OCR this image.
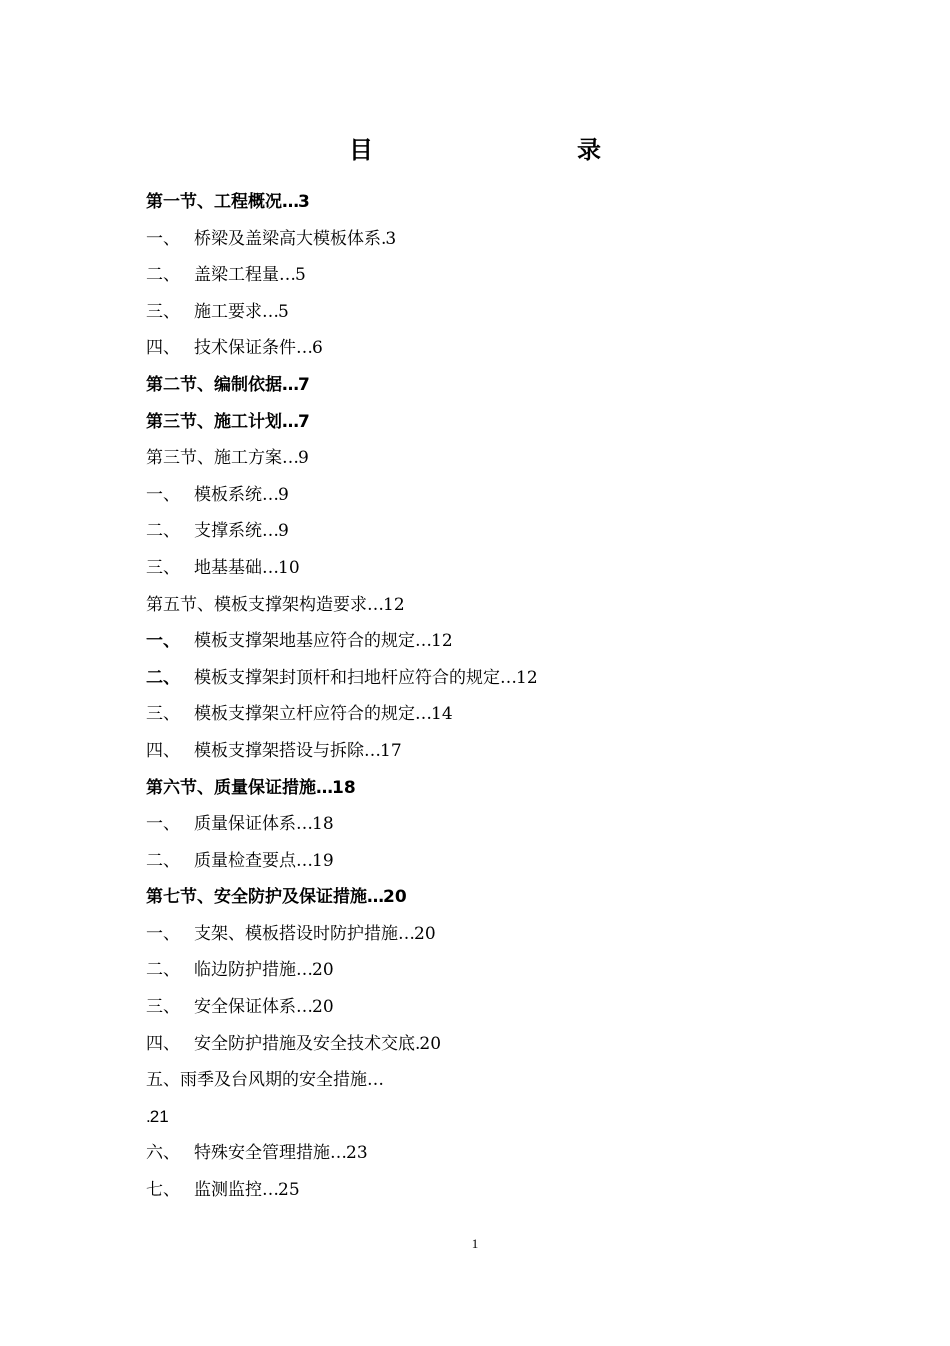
目　　录
第一节、工程概况…3
一、 桥梁及盖梁高大模板体系.3
二、 盖梁工程量…5
三、 施工要求…5
四、 技术保证条件…6
第二节、编制依据…7
第三节、施工计划…7
第三节、施工方案…9
一、 模板系统…9
二、 支撑系统…9
三、 地基基础…10
第五节、模板支撑架构造要求…12
一、 模板支撑架地基应符合的规定…12
二、 模板支撑架封顶杆和扫地杆应符合的规定…12
三、 模板支撑架立杆应符合的规定…14
四、 模板支撑架搭设与拆除…17
第六节、质量保证措施…18
一、 质量保证体系…18
二、 质量检查要点…19
第七节、安全防护及保证措施…20
一、 支架、模板搭设时防护措施…20
二、 临边防护措施…20
三、 安全保证体系…20
四、 安全防护措施及安全技术交底.20
五、雨季及台风期的安全措施…
.21
六、 特殊安全管理措施…23
七、 监测监控…25
1
